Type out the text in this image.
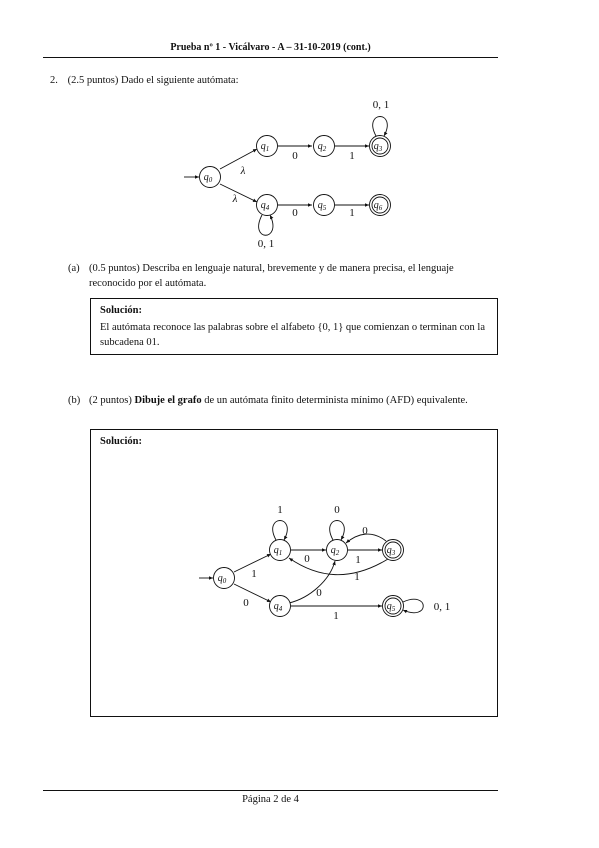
Prueba nº 1 - Vicálvaro - A – 31-10-2019 (cont.)
2. (2.5 puntos) Dado el siguiente autómata:
$q_0$
$q_1$	$q_2$	$q_3$
$q_4$	$q_5$	$q_6$
λ
λ
0	1
0, 1
0, 1
0	1
(a) (0.5 puntos) Describa en lenguaje natural, brevemente y de manera precisa, el lenguaje reconocido por el autómata.
Solución:
El autómata reconoce las palabras sobre el alfabeto {0, 1} que comienzan o terminan con la subcadena 01.
(b) (2 puntos) Dibuje el grafo de un autómata finito determinista mínimo (AFD) equivalente.
Solución:
$q_0$
$q_1$	$q_2$	$q_3$
$q_4$	$q_5$
1
0
1
0
0
1
0
1
0
1
0, 1
Página 2 de 4
